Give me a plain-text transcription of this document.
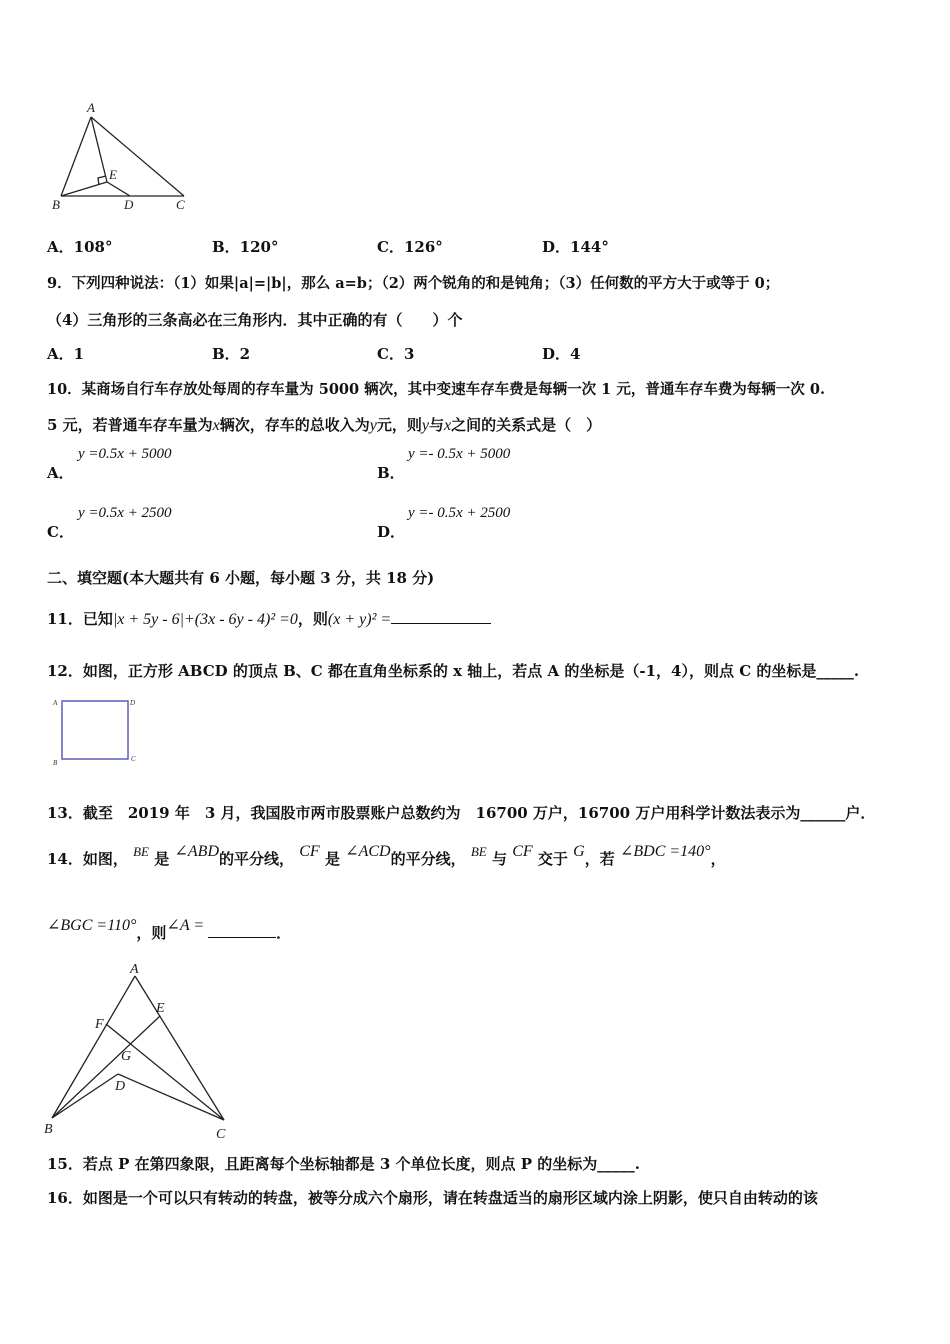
A
B	C
D
E
A．108°	B．120°	C．126°	D．144°
9．下列四种说法：（1）如果|a|=|b|，那么 a=b；（2）两个锐角的和是钝角；（3）任何数的平方大于或等于 0；
（4）三角形的三条高必在三角形内．其中正确的有（　　）个
A．1	B．2	C．3	D．4
10．某商场自行车存放处每周的存车量为 5000 辆次，其中变速车存车费是每辆一次 1 元，普通车存车费为每辆一次 0.
5 元，若普通车存车量为x辆次，存车的总收入为y元，则y与x之间的关系式是（　）
A．
y =0.5x + 5000
B．
y =- 0.5x + 5000
C．
y =0.5x + 2500
D．
y =- 0.5x + 2500
二、填空题(本大题共有 6 小题，每小题 3 分，共 18 分)
11．已知|x + 5y - 6|+(3x - 6y - 4)² =0，则(x + y)² =
12．如图，正方形 ABCD 的顶点 B、C 都在直角坐标系的 x 轴上，若点 A 的坐标是（-1，4），则点 C 的坐标是_____.
A	D
B	C
13．截至　2019 年　3 月，我国股市两市股票账户总数约为　16700 万户，16700 万户用科学计数法表示为______户．
14．如图， BE 是 ∠ABD的平分线， CF 是 ∠ACD的平分线， BE 与 CF 交于 G，若 ∠BDC =140°，
∠BGC =110°，则∠A =	．
A
E
F
G
D
B	C
15．若点 P 在第四象限，且距离每个坐标轴都是 3 个单位长度，则点 P 的坐标为_____.
16．如图是一个可以只有转动的转盘，被等分成六个扇形，请在转盘适当的扇形区域内涂上阴影，使只自由转动的该
